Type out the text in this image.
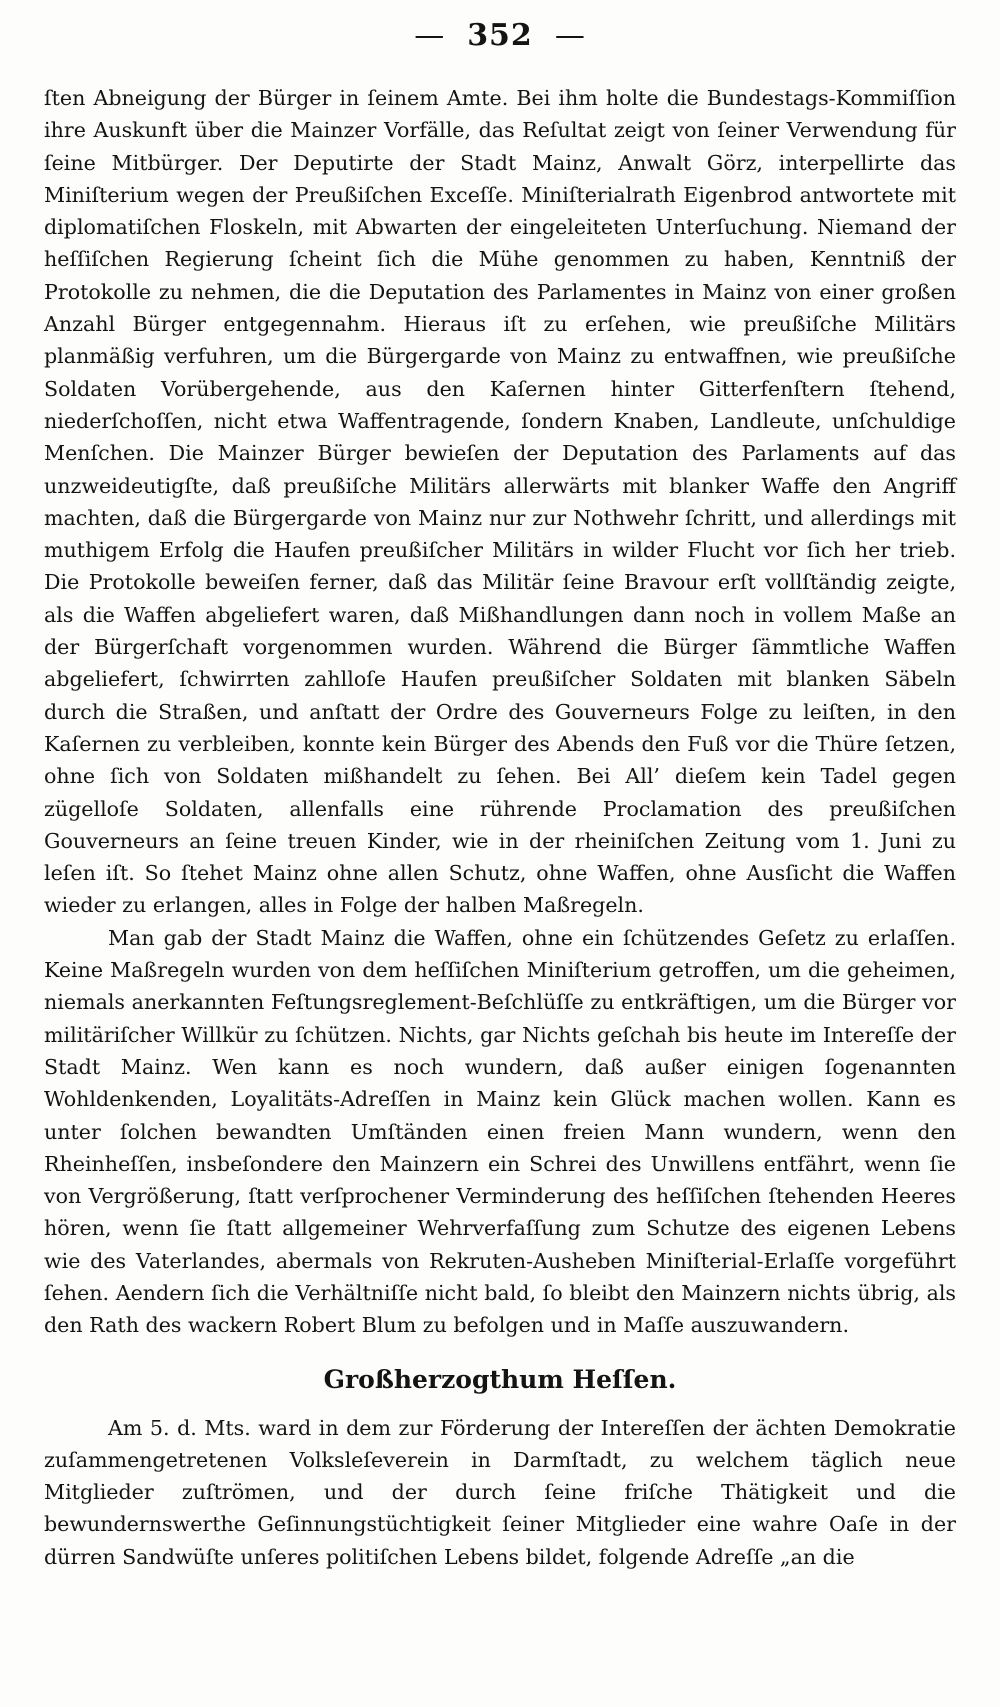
— 352 —

ſten Abneigung der Bürger in ſeinem Amte. Bei ihm holte die Bundestags-Kommiſſion ihre Auskunft über die Mainzer Vorfälle, das Reſultat zeigt von ſeiner Verwendung für ſeine Mitbürger. Der Deputirte der Stadt Mainz, Anwalt Görz, interpellirte das Miniſterium wegen der Preußiſchen Exceſſe. Miniſterialrath Eigenbrod antwortete mit diplomatiſchen Floskeln, mit Abwarten der eingeleiteten Unterſuchung. Niemand der heſſiſchen Regierung ſcheint ſich die Mühe genommen zu haben, Kenntniß der Protokolle zu nehmen, die die Deputation des Parlamentes in Mainz von einer großen Anzahl Bürger entgegennahm. Hieraus iſt zu erſehen, wie preußiſche Militärs planmäßig verfuhren, um die Bürgergarde von Mainz zu entwaffnen, wie preußiſche Soldaten Vorübergehende, aus den Kaſernen hinter Gitterfenſtern ſtehend, niederſchoſſen, nicht etwa Waffentragende, ſondern Knaben, Landleute, unſchuldige Menſchen. Die Mainzer Bürger bewieſen der Deputation des Parlaments auf das unzweideutigſte, daß preußiſche Militärs allerwärts mit blanker Waffe den Angriff machten, daß die Bürgergarde von Mainz nur zur Nothwehr ſchritt, und allerdings mit muthigem Erfolg die Haufen preußiſcher Militärs in wilder Flucht vor ſich her trieb. Die Protokolle beweiſen ferner, daß das Militär ſeine Bravour erſt vollſtändig zeigte, als die Waffen abgeliefert waren, daß Mißhandlungen dann noch in vollem Maße an der Bürgerſchaft vorgenommen wurden. Während die Bürger ſämmtliche Waffen abgeliefert, ſchwirrten zahlloſe Haufen preußiſcher Soldaten mit blanken Säbeln durch die Straßen, und anſtatt der Ordre des Gouverneurs Folge zu leiſten, in den Kaſernen zu verbleiben, konnte kein Bürger des Abends den Fuß vor die Thüre ſetzen, ohne ſich von Soldaten mißhandelt zu ſehen. Bei All’ dieſem kein Tadel gegen zügelloſe Soldaten, allenfalls eine rührende Proclamation des preußiſchen Gouverneurs an ſeine treuen Kinder, wie in der rheiniſchen Zeitung vom 1. Juni zu leſen iſt. So ſtehet Mainz ohne allen Schutz, ohne Waffen, ohne Ausſicht die Waffen wieder zu erlangen, alles in Folge der halben Maßregeln.

Man gab der Stadt Mainz die Waffen, ohne ein ſchützendes Geſetz zu erlaſſen. Keine Maßregeln wurden von dem heſſiſchen Miniſterium getroffen, um die geheimen, niemals anerkannten Feſtungsreglement-Beſchlüſſe zu entkräftigen, um die Bürger vor militäriſcher Willkür zu ſchützen. Nichts, gar Nichts geſchah bis heute im Intereſſe der Stadt Mainz. Wen kann es noch wundern, daß außer einigen ſogenannten Wohldenkenden, Loyalitäts-Adreſſen in Mainz kein Glück machen wollen. Kann es unter ſolchen bewandten Umſtänden einen freien Mann wundern, wenn den Rheinheſſen, insbeſondere den Mainzern ein Schrei des Unwillens entfährt, wenn ſie von Vergrößerung, ſtatt verſprochener Verminderung des heſſiſchen ſtehenden Heeres hören, wenn ſie ſtatt allgemeiner Wehrverfaſſung zum Schutze des eigenen Lebens wie des Vaterlandes, abermals von Rekruten-Ausheben Miniſterial-Erlaſſe vorgeführt ſehen. Aendern ſich die Verhältniſſe nicht bald, ſo bleibt den Mainzern nichts übrig, als den Rath des wackern Robert Blum zu befolgen und in Maſſe auszuwandern.

Großherzogthum Heſſen.

Am 5. d. Mts. ward in dem zur Förderung der Intereſſen der ächten Demokratie zuſammengetretenen Volksleſeverein in Darmſtadt, zu welchem täglich neue Mitglieder zuſtrömen, und der durch ſeine friſche Thätigkeit und die bewundernswerthe Geſinnungstüchtigkeit ſeiner Mitglieder eine wahre Oaſe in der dürren Sandwüſte unſeres politiſchen Lebens bildet, folgende Adreſſe „an die
